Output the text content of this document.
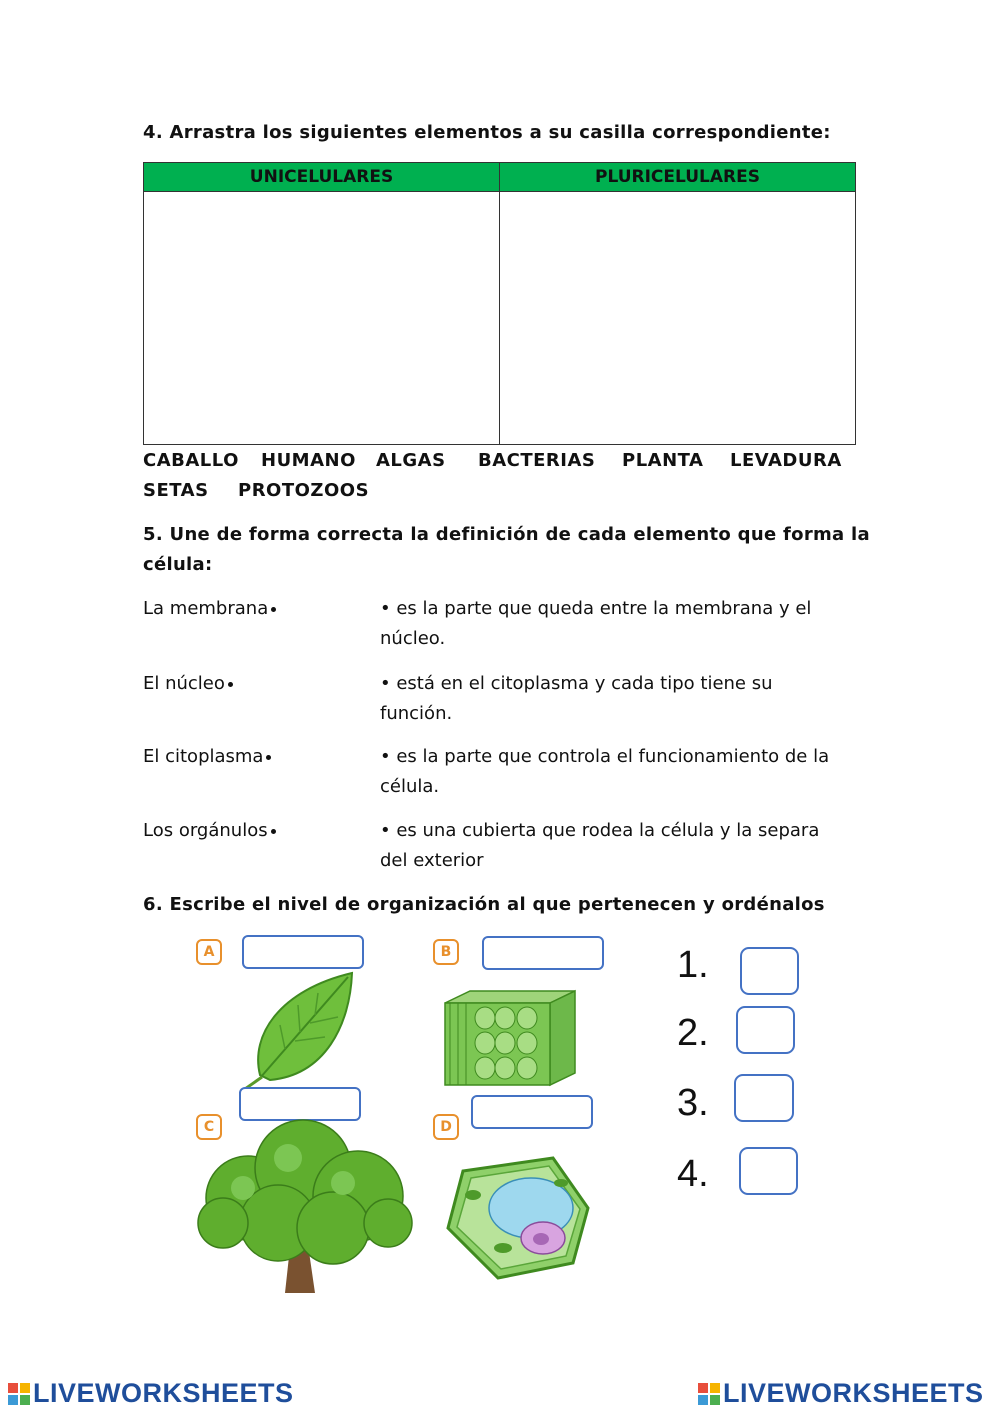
4. Arrastra los siguientes elementos a su casilla correspondiente:
UNICELULARES	PLURICELULARES
CABALLO HUMANO ALGAS BACTERIAS PLANTA LEVADURA
SETAS PROTOZOOS
5. Une de forma correcta la definición de cada elemento que forma la
célula:
La membrana	• es la parte que queda entre la membrana y el
núcleo.
El núcleo	• está en el citoplasma y cada tipo tiene su
función.
El citoplasma	• es la parte que controla el funcionamiento de la
célula.
Los orgánulos	• es una cubierta que rodea la célula y la separa
del exterior
6. Escribe el nivel de organización al que pertenecen y ordénalos
A	B
C	D
1.
2.
3.
4.
LIVEWORKSHEETS	LIVEWORKSHEETS
